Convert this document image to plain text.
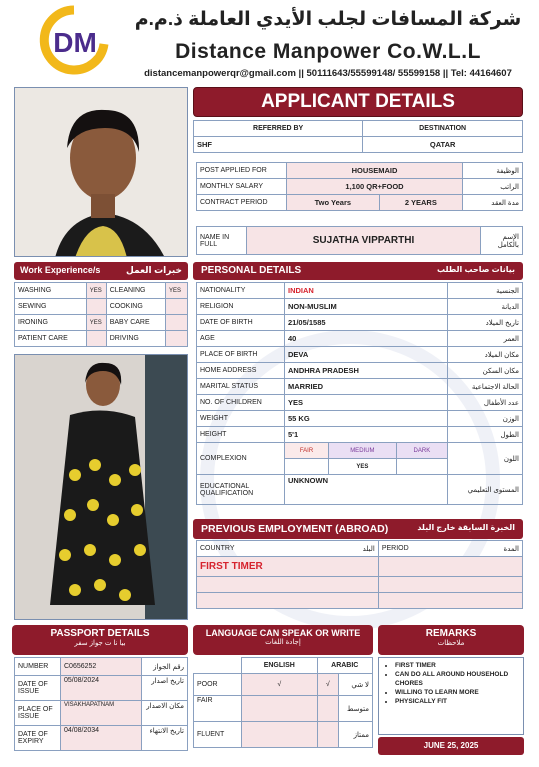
DM
شركة المسافات لجلب الأيدي العاملة ذ.م.م
Distance Manpower Co.W.L.L
distancemanpowerqr@gmail.com || 50111643/55599148/ 55599158 || Tel: 44164607
APPLICANT DETAILS
REFERRED BY	DESTINATION
SHF	QATAR
POST APPLIED FOR	HOUSEMAID		الوظيفة
MONTHLY SALARY	1,100 QR+FOOD		الراتب
CONTRACT PERIOD	Two Years	2 YEARS	مدة العقد
NAME IN FULL	SUJATHA VIPPARTHI	الإسم بالكامل
Work Experience/s	خبرات العمل
WASHING	YES	CLEANING	YES
SEWING		COOKING	
IRONING	YES	BABY CARE	
PATIENT CARE		DRIVING	
PERSONAL DETAILS	بيانات صاحب الطلب
NATIONALITY	INDIAN			الجنسية
RELIGION	NON-MUSLIM			الديانة
DATE OF BIRTH	21/05/1585			تاريخ الميلاد
AGE	40			العمر
PLACE OF BIRTH	DEVA			مكان الميلاد
HOME ADDRESS	ANDHRA PRADESH			مكان السكن
MARITAL STATUS	MARRIED			الحالة الاجتماعية
NO. OF CHILDREN	YES			عدد الأطفال
WEIGHT	55 KG			الوزن
HEIGHT	5'1			الطول
COMPLEXION	FAIR	MEDIUM	DARK	اللون
		YES		
EDUCATIONAL QUALIFICATION	UNKNOWN			المستوى التعليمي
PREVIOUS EMPLOYMENT (ABROAD)	الخبرة السابقة خارج البلد
COUNTRY	البلد	PERIOD	المدة
FIRST TIMER			

PASSPORT DETAILS
بيا نا ت جواز سفر
NUMBER	C0656252	رقم الجواز
DATE OF ISSUE	05/08/2024	تاريخ اصدار
PLACE OF ISSUE	VISAKHAPATNAM	مكان الاصدار
DATE OF EXPIRY	04/08/2034	تاريخ الانتهاء
LANGUAGE CAN SPEAK OR WRITE
إجادة اللغات
	ENGLISH	ARABIC	
POOR	√	√	لا شي
FAIR			متوسط
FLUENT			ممتاز
REMARKS
ملاحظات
• FIRST TIMER
• CAN DO ALL AROUND HOUSEHOLD CHORES
• WILLING TO LEARN MORE
• PHYSICALLY FIT
JUNE 25, 2025
